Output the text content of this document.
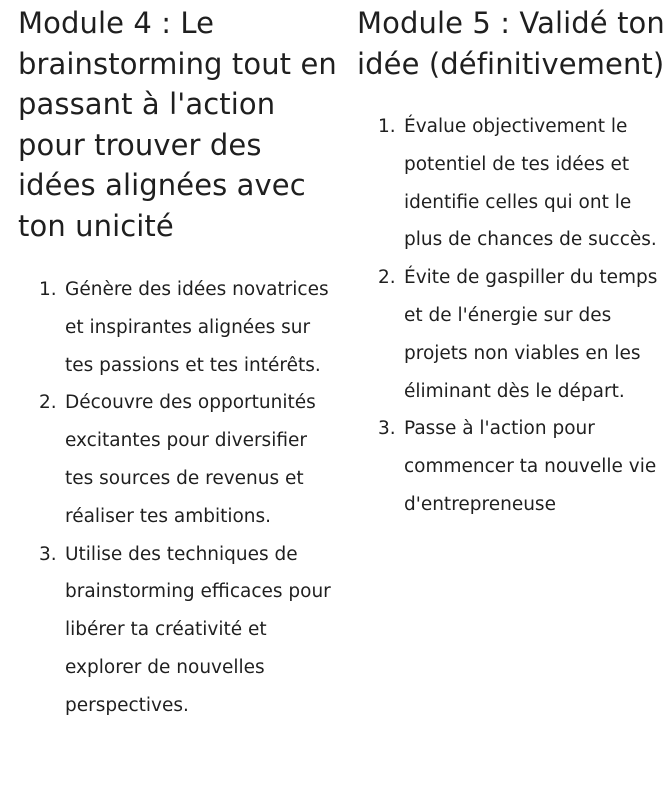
Module 4 : Le brainstorming tout en passant à l'action pour trouver des idées alignées avec ton unicité
1. Génère des idées novatrices et inspirantes alignées sur tes passions et tes intérêts.
2. Découvre des opportunités excitantes pour diversifier tes sources de revenus et réaliser tes ambitions.
3. Utilise des techniques de brainstorming efficaces pour libérer ta créativité et explorer de nouvelles perspectives.
Module 5 : Validé ton idée (définitivement)
1. Évalue objectivement le potentiel de tes idées et identifie celles qui ont le plus de chances de succès.
2. Évite de gaspiller du temps et de l'énergie sur des projets non viables en les éliminant dès le départ.
3. Passe à l'action pour commencer ta nouvelle vie d'entrepreneuse
